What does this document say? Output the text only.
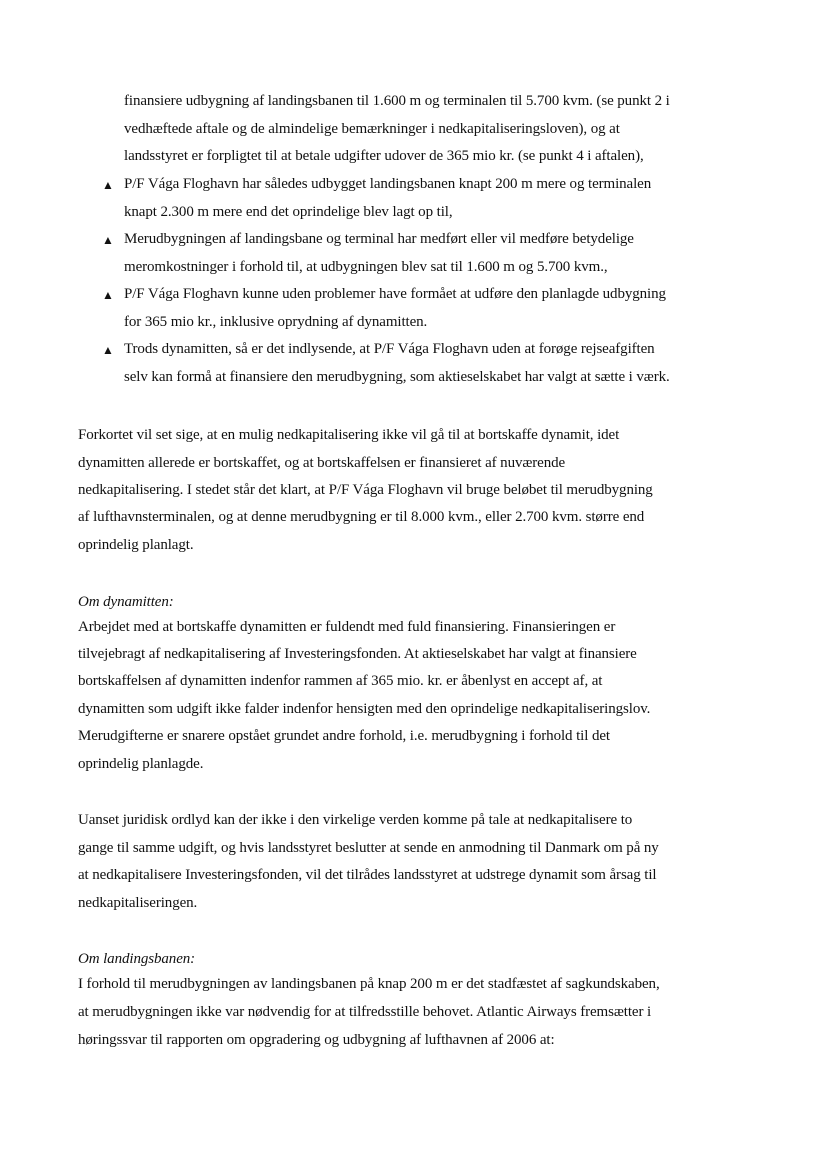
finansiere udbygning af landingsbanen til 1.600 m og terminalen til 5.700 kvm. (se punkt 2 i
vedhæftede aftale og de almindelige bemærkninger i nedkapitaliseringsloven), og at
landsstyret er forpligtet til at betale udgifter udover de 365 mio kr. (se punkt 4 i aftalen),
▲ P/F Vága Floghavn har således udbygget landingsbanen knapt 200 m mere og terminalen
knapt 2.300 m mere end det oprindelige blev lagt op til,
▲ Merudbygningen af landingsbane og terminal har medført eller vil medføre betydelige
meromkostninger i forhold til, at udbygningen blev sat til 1.600 m og 5.700 kvm.,
▲ P/F Vága Floghavn kunne uden problemer have formået at udføre den planlagde udbygning
for 365 mio kr., inklusive oprydning af dynamitten.
▲ Trods dynamitten, så er det indlysende, at P/F Vága Floghavn uden at forøge rejseafgiften
selv kan formå at finansiere den merudbygning, som aktieselskabet har valgt at sætte i værk.
Forkortet vil set sige, at en mulig nedkapitalisering ikke vil gå til at bortskaffe dynamit, idet
dynamitten allerede er bortskaffet, og at bortskaffelsen er finansieret af nuværende
nedkapitalisering. I stedet står det klart, at P/F Vága Floghavn vil bruge beløbet til merudbygning
af lufthavnsterminalen, og at denne merudbygning er til 8.000 kvm., eller 2.700 kvm. større end
oprindelig planlagt.
Om dynamitten:
Arbejdet med at bortskaffe dynamitten er fuldendt med fuld finansiering. Finansieringen er
tilvejebragt af nedkapitalisering af Investeringsfonden. At aktieselskabet har valgt at finansiere
bortskaffelsen af dynamitten indenfor rammen af 365 mio. kr. er åbenlyst en accept af, at
dynamitten som udgift ikke falder indenfor hensigten med den oprindelige nedkapitaliseringslov.
Merudgifterne er snarere opstået grundet andre forhold, i.e. merudbygning i forhold til det
oprindelig planlagde.
Uanset juridisk ordlyd kan der ikke i den virkelige verden komme på tale at nedkapitalisere to
gange til samme udgift, og hvis landsstyret beslutter at sende en anmodning til Danmark om på ny
at nedkapitalisere Investeringsfonden, vil det tilrådes landsstyret at udstrege dynamit som årsag til
nedkapitaliseringen.
Om landingsbanen:
I forhold til merudbygningen av landingsbanen på knap 200 m er det stadfæstet af sagkundskaben,
at merudbygningen ikke var nødvendig for at tilfredsstille behovet. Atlantic Airways fremsætter i
høringssvar til rapporten om opgradering og udbygning af lufthavnen af 2006 at:
